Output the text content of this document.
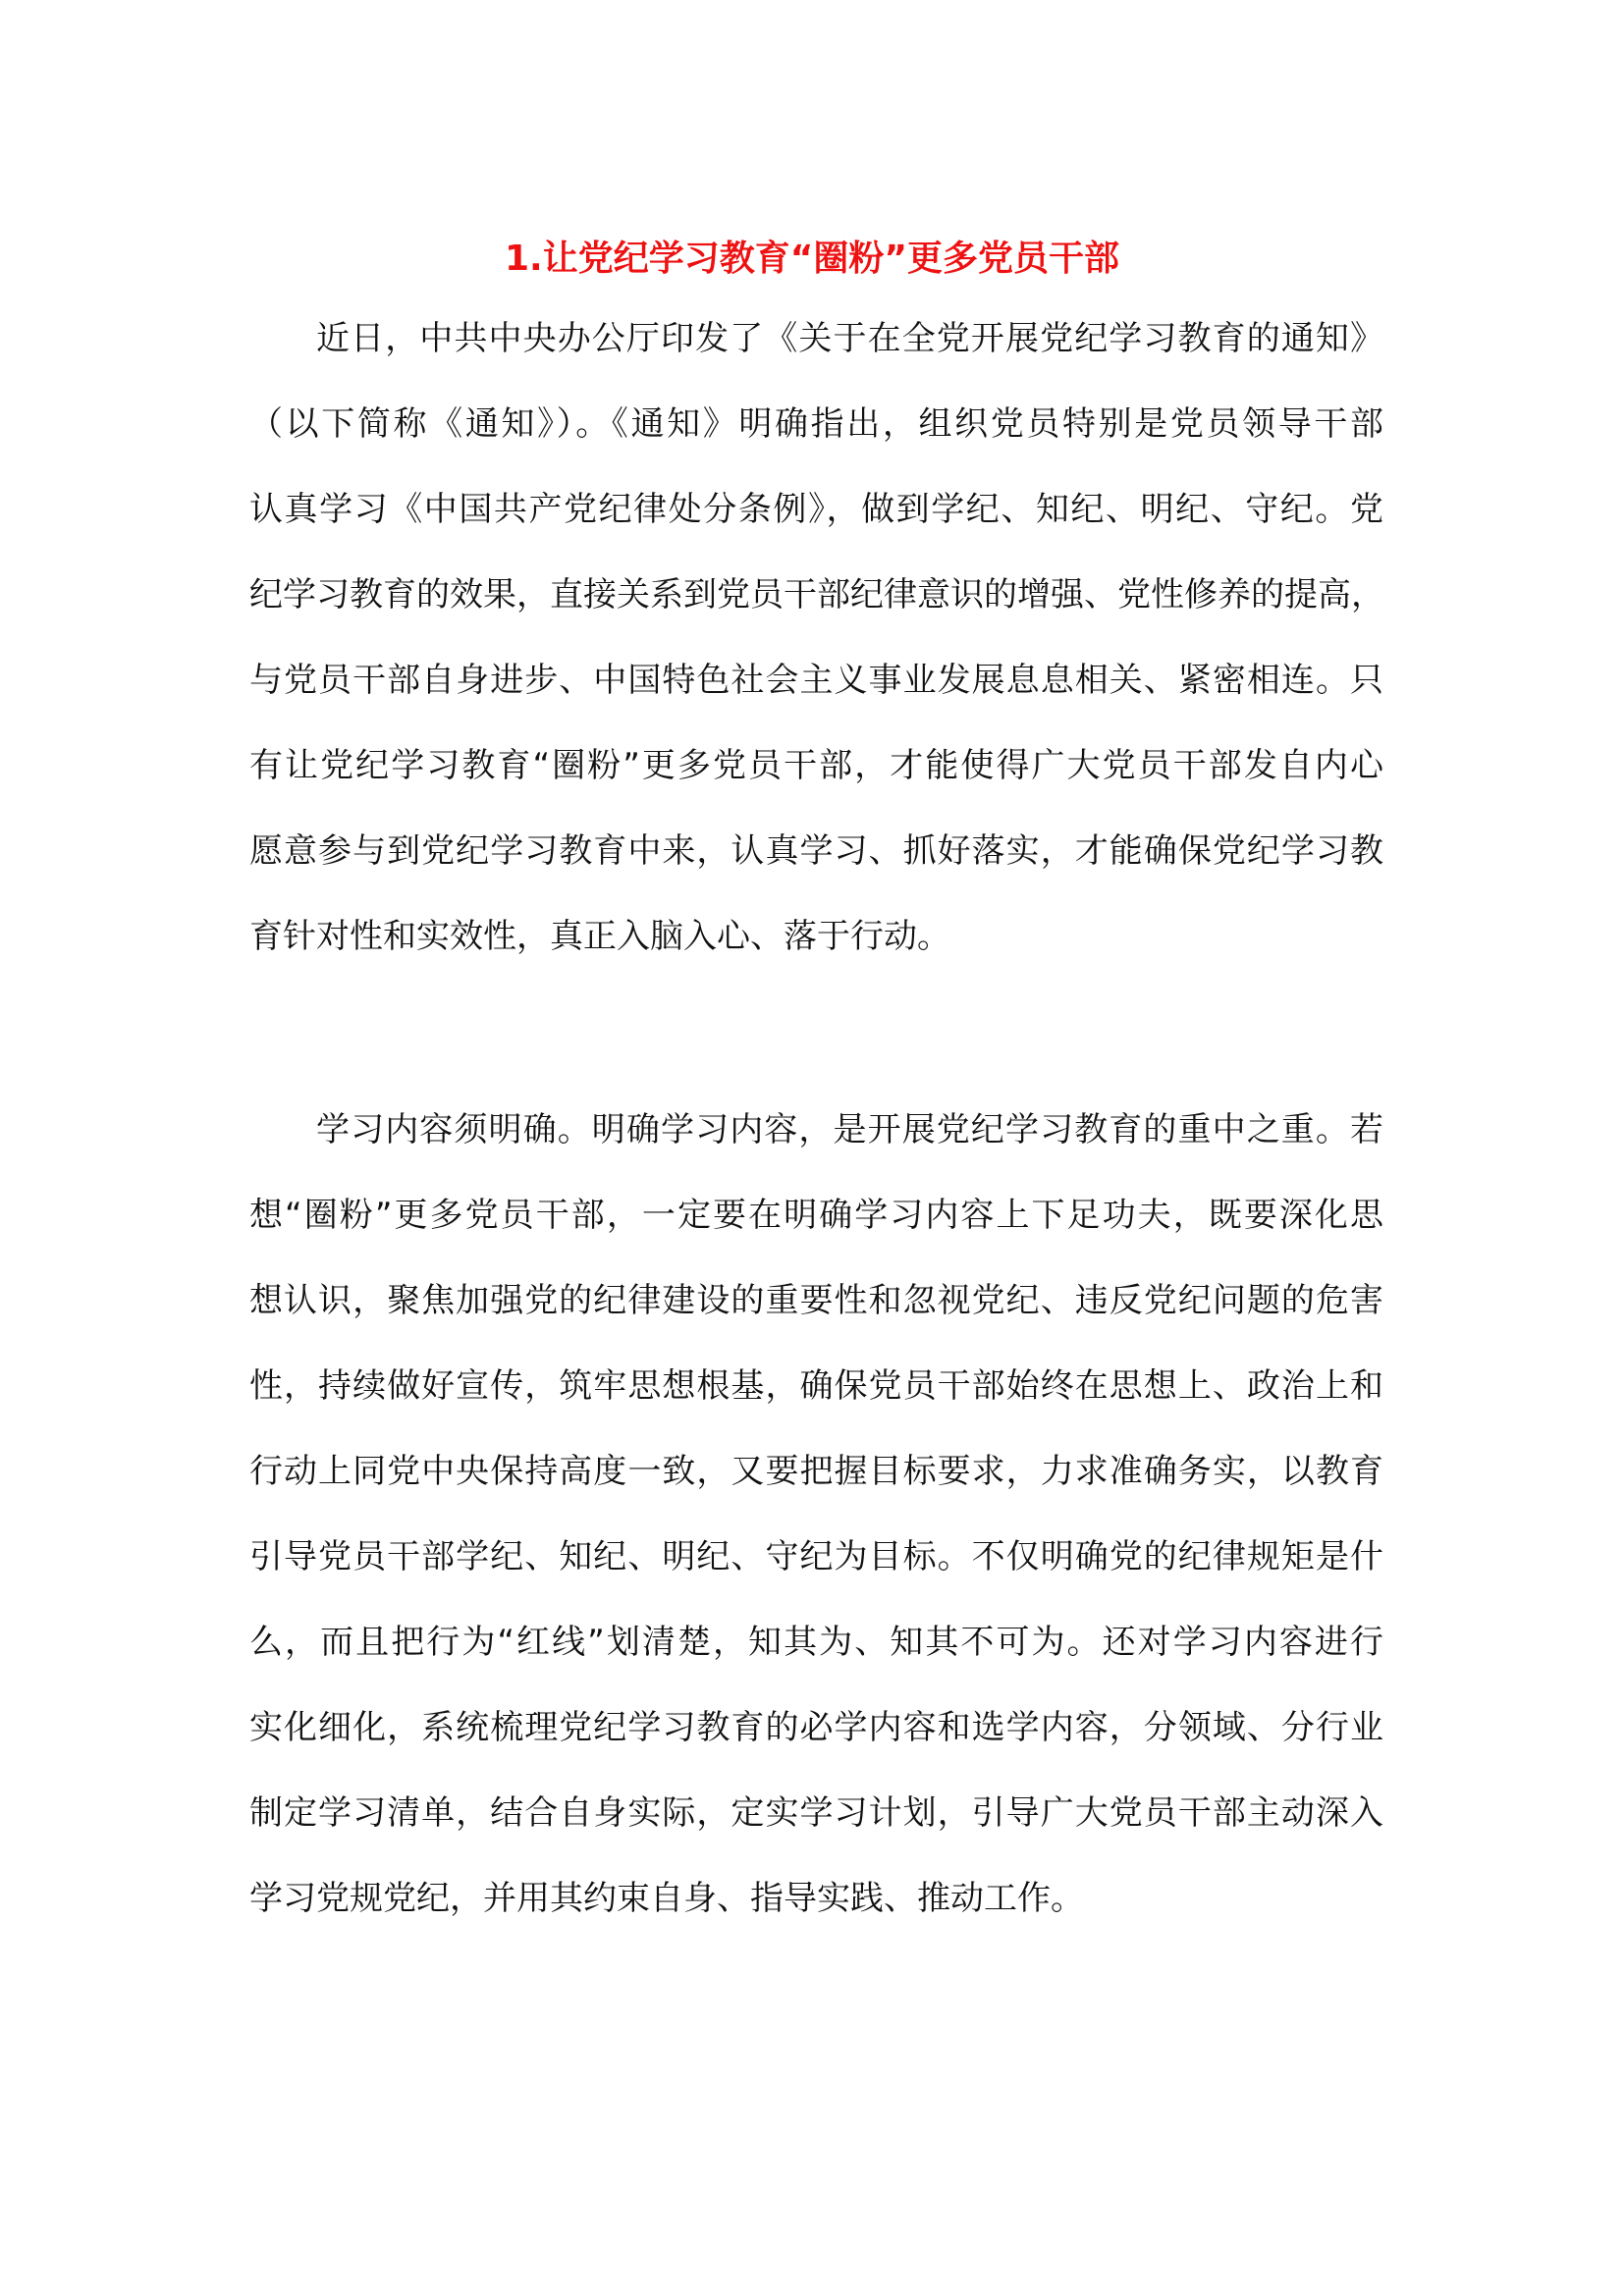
1.让党纪学习教育“圈粉”更多党员干部
近日，中共中央办公厅印发了《关于在全党开展党纪学习教育的通知》
（以下简称《通知》）。《通知》明确指出，组织党员特别是党员领导干部
认真学习《中国共产党纪律处分条例》，做到学纪、知纪、明纪、守纪。党
纪学习教育的效果，直接关系到党员干部纪律意识的增强、党性修养的提高，
与党员干部自身进步、中国特色社会主义事业发展息息相关、紧密相连。只
有让党纪学习教育“圈粉”更多党员干部，才能使得广大党员干部发自内心
愿意参与到党纪学习教育中来，认真学习、抓好落实，才能确保党纪学习教
育针对性和实效性，真正入脑入心、落于行动。
学习内容须明确。明确学习内容，是开展党纪学习教育的重中之重。若
想“圈粉”更多党员干部，一定要在明确学习内容上下足功夫，既要深化思
想认识，聚焦加强党的纪律建设的重要性和忽视党纪、违反党纪问题的危害
性，持续做好宣传，筑牢思想根基，确保党员干部始终在思想上、政治上和
行动上同党中央保持高度一致，又要把握目标要求，力求准确务实，以教育
引导党员干部学纪、知纪、明纪、守纪为目标。不仅明确党的纪律规矩是什
么，而且把行为“红线”划清楚，知其为、知其不可为。还对学习内容进行
实化细化，系统梳理党纪学习教育的必学内容和选学内容，分领域、分行业
制定学习清单，结合自身实际，定实学习计划，引导广大党员干部主动深入
学习党规党纪，并用其约束自身、指导实践、推动工作。
